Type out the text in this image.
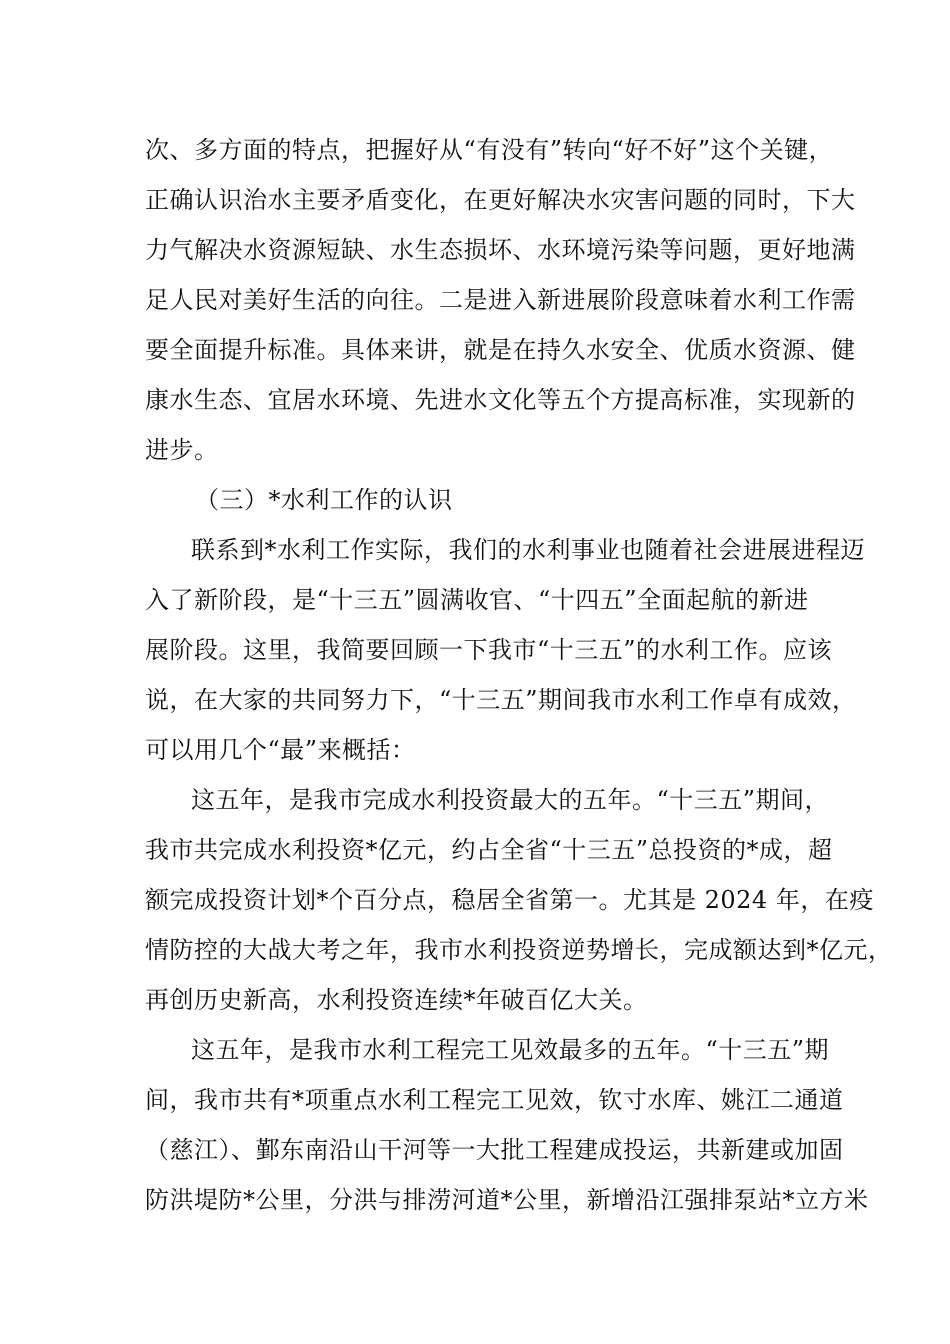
次、多方面的特点，把握好从“有没有”转向“好不好”这个关键，
正确认识治水主要矛盾变化，在更好解决水灾害问题的同时，下大
力气解决水资源短缺、水生态损坏、水环境污染等问题，更好地满
足人民对美好生活的向往。二是进入新进展阶段意味着水利工作需
要全面提升标准。具体来讲，就是在持久水安全、优质水资源、健
康水生态、宜居水环境、先进水文化等五个方提高标准，实现新的
进步。
（三）*水利工作的认识
联系到*水利工作实际，我们的水利事业也随着社会进展进程迈
入了新阶段，是“十三五”圆满收官、“十四五”全面起航的新进
展阶段。这里，我简要回顾一下我市“十三五”的水利工作。应该
说，在大家的共同努力下，“十三五”期间我市水利工作卓有成效，
可以用几个“最”来概括：
这五年，是我市完成水利投资最大的五年。“十三五”期间，
我市共完成水利投资*亿元，约占全省“十三五”总投资的*成，超
额完成投资计划*个百分点，稳居全省第一。尤其是 2024 年，在疫
情防控的大战大考之年，我市水利投资逆势增长，完成额达到*亿元，
再创历史新高，水利投资连续*年破百亿大关。
这五年，是我市水利工程完工见效最多的五年。“十三五”期
间，我市共有*项重点水利工程完工见效，钦寸水库、姚江二通道
（慈江）、鄞东南沿山干河等一大批工程建成投运，共新建或加固
防洪堤防*公里，分洪与排涝河道*公里，新增沿江强排泵站*立方米
